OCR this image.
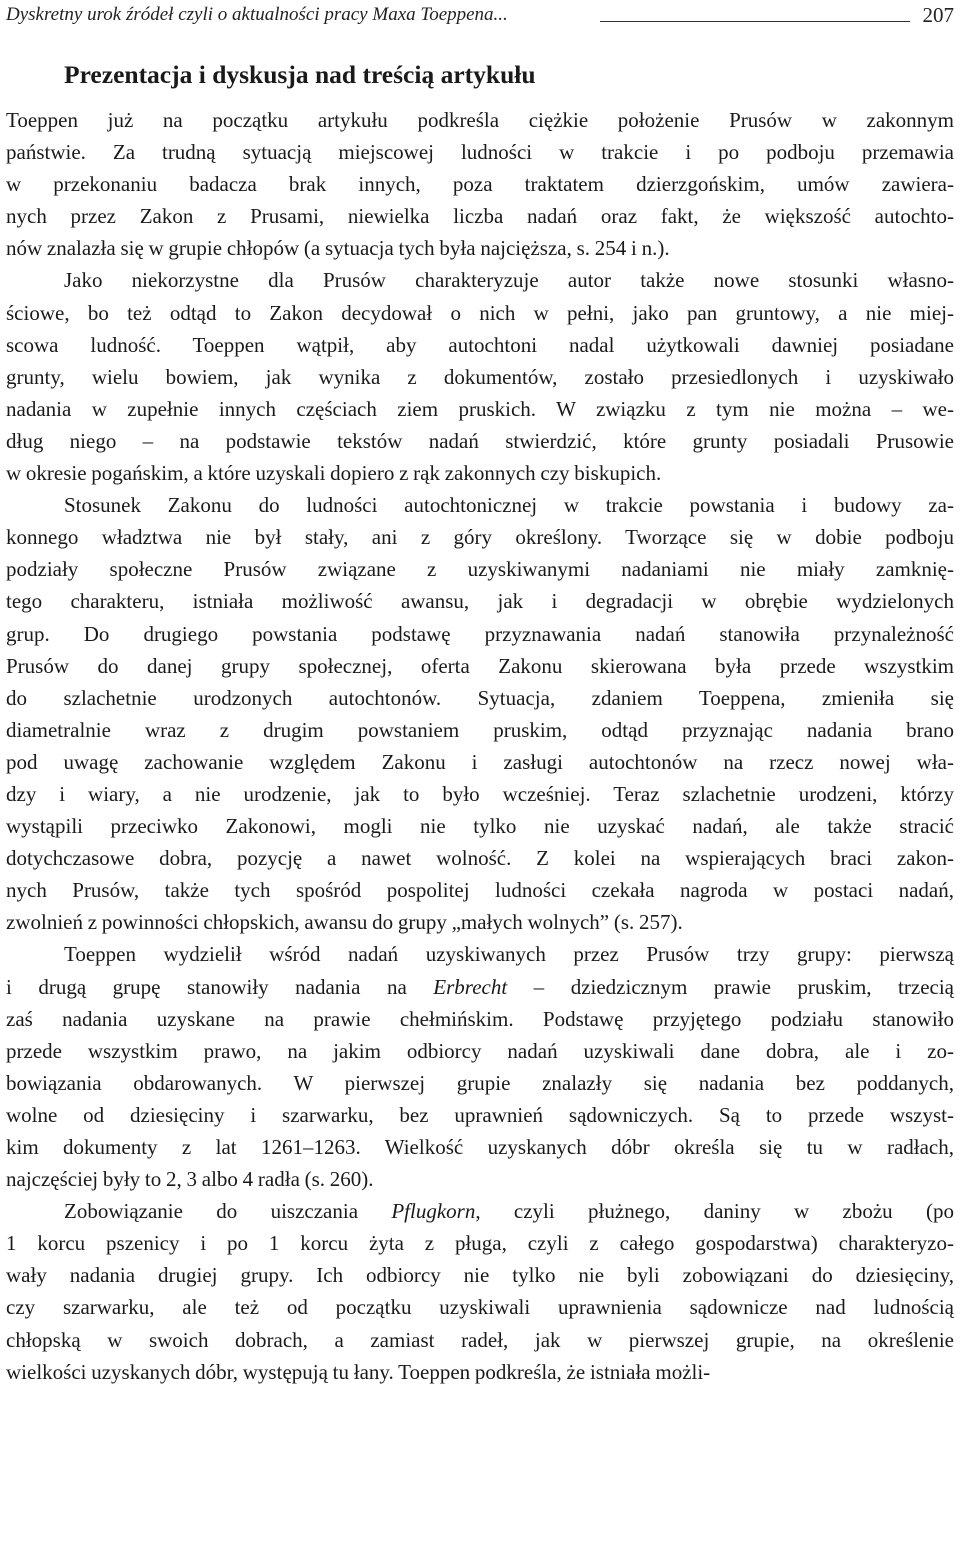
Dyskretny urok źródeł czyli o aktualności pracy Maxa Toeppena...	207
Prezentacja i dyskusja nad treścią artykułu

Toeppen już na początku artykułu podkreśla ciężkie położenie Prusów w zakonnym
państwie. Za trudną sytuacją miejscowej ludności w trakcie i po podboju przemawia
w przekonaniu badacza brak innych, poza traktatem dzierzgońskim, umów zawiera-
nych przez Zakon z Prusami, niewielka liczba nadań oraz fakt, że większość autochto-
nów znalazła się w grupie chłopów (a sytuacja tych była najcięższa, s. 254 i n.).

Jako niekorzystne dla Prusów charakteryzuje autor także nowe stosunki własno-
ściowe, bo też odtąd to Zakon decydował o nich w pełni, jako pan gruntowy, a nie miej-
scowa ludność. Toeppen wątpił, aby autochtoni nadal użytkowali dawniej posiadane
grunty, wielu bowiem, jak wynika z dokumentów, zostało przesiedlonych i uzyskiwało
nadania w zupełnie innych częściach ziem pruskich. W związku z tym nie można – we-
dług niego – na podstawie tekstów nadań stwierdzić, które grunty posiadali Prusowie
w okresie pogańskim, a które uzyskali dopiero z rąk zakonnych czy biskupich.

Stosunek Zakonu do ludności autochtonicznej w trakcie powstania i budowy za-
konnego władztwa nie był stały, ani z góry określony. Tworzące się w dobie podboju
podziały społeczne Prusów związane z uzyskiwanymi nadaniami nie miały zamknię-
tego charakteru, istniała możliwość awansu, jak i degradacji w obrębie wydzielonych
grup. Do drugiego powstania podstawę przyznawania nadań stanowiła przynależność
Prusów do danej grupy społecznej, oferta Zakonu skierowana była przede wszystkim
do szlachetnie urodzonych autochtonów. Sytuacja, zdaniem Toeppena, zmieniła się
diametralnie wraz z drugim powstaniem pruskim, odtąd przyznając nadania brano
pod uwagę zachowanie względem Zakonu i zasługi autochtonów na rzecz nowej wła-
dzy i wiary, a nie urodzenie, jak to było wcześniej. Teraz szlachetnie urodzeni, którzy
wystąpili przeciwko Zakonowi, mogli nie tylko nie uzyskać nadań, ale także stracić
dotychczasowe dobra, pozycję a nawet wolność. Z kolei na wspierających braci zakon-
nych Prusów, także tych spośród pospolitej ludności czekała nagroda w postaci nadań,
zwolnień z powinności chłopskich, awansu do grupy „małych wolnych” (s. 257).

Toeppen wydzielił wśród nadań uzyskiwanych przez Prusów trzy grupy: pierwszą
i drugą grupę stanowiły nadania na Erbrecht – dziedzicznym prawie pruskim, trzecią
zaś nadania uzyskane na prawie chełmińskim. Podstawę przyjętego podziału stanowiło
przede wszystkim prawo, na jakim odbiorcy nadań uzyskiwali dane dobra, ale i zo-
bowiązania obdarowanych. W pierwszej grupie znalazły się nadania bez poddanych,
wolne od dziesięciny i szarwarku, bez uprawnień sądowniczych. Są to przede wszyst-
kim dokumenty z lat 1261–1263. Wielkość uzyskanych dóbr określa się tu w radłach,
najczęściej były to 2, 3 albo 4 radła (s. 260).

Zobowiązanie do uiszczania Pflugkorn, czyli płużnego, daniny w zbożu (po
1 korcu pszenicy i po 1 korcu żyta z pługa, czyli z całego gospodarstwa) charakteryzo-
wały nadania drugiej grupy. Ich odbiorcy nie tylko nie byli zobowiązani do dziesięciny,
czy szarwarku, ale też od początku uzyskiwali uprawnienia sądownicze nad ludnością
chłopską w swoich dobrach, a zamiast radeł, jak w pierwszej grupie, na określenie
wielkości uzyskanych dóbr, występują tu łany. Toeppen podkreśla, że istniała możli-
